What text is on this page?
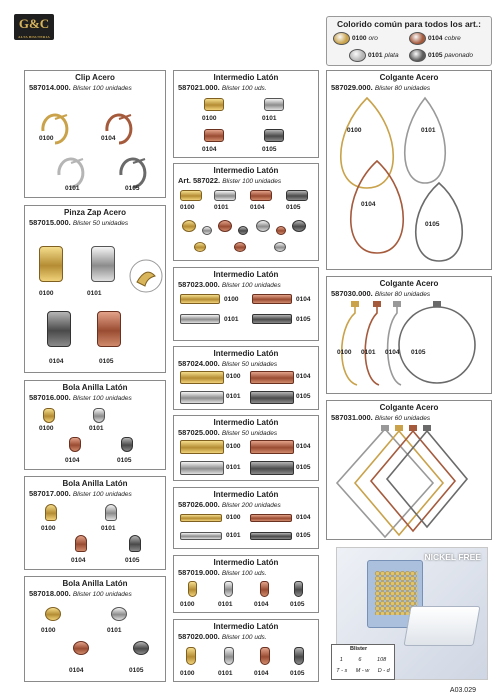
G&C
ALTA BISUTERIA
Colorido común para todos los art.:
0100 oro	0104 cobre
0101 plata	0105 pavonado
Clip Acero
587014.000. Blister 100 unidades
0100	0104
0101	0105
Pinza Zap Acero
587015.000. Blister 50 unidades
0100	0101
0104	0105
Bola Anilla Latón
587016.000. Blister 100 unidades
0100	0101
0104	0105
Bola Anilla Latón
587017.000. Blister 100 unidades
0100	0101
0104	0105
Bola Anilla Latón
587018.000. Blister 100 unidades
0100	0101
0104	0105
Intermedio Latón
587021.000. Blister 100 uds.
0100	0101
0104	0105
Intermedio Latón
Art. 587022. Blister 100 unidades
0100	0101	0104	0105
Intermedio Latón
587023.000. Blister 100 unidades
0100	0104
0101	0105
Intermedio Latón
587024.000. Blister 50 unidades
0100	0104
0101	0105
Intermedio Latón
587025.000. Blister 50 unidades
0100	0104
0101	0105
Intermedio Latón
587026.000. Blister 200 unidades
0100	0104
0101	0105
Intermedio Latón
587019.000. Blister 100 uds.
0100	0101	0104	0105
Intermedio Latón
587020.000. Blister 100 uds.
0100	0101	0104	0105
Colgante Acero
587029.000. Blister 80 unidades
0100	0101
0104
0105
Colgante Acero
587030.000. Blister 80 unidades
0100 0101 0104 0105
Colgante Acero
587031.000. Blister 60 unidades
NICKEL FREE
Blister
1	6	108
T - s M - w D - d
A03.029
